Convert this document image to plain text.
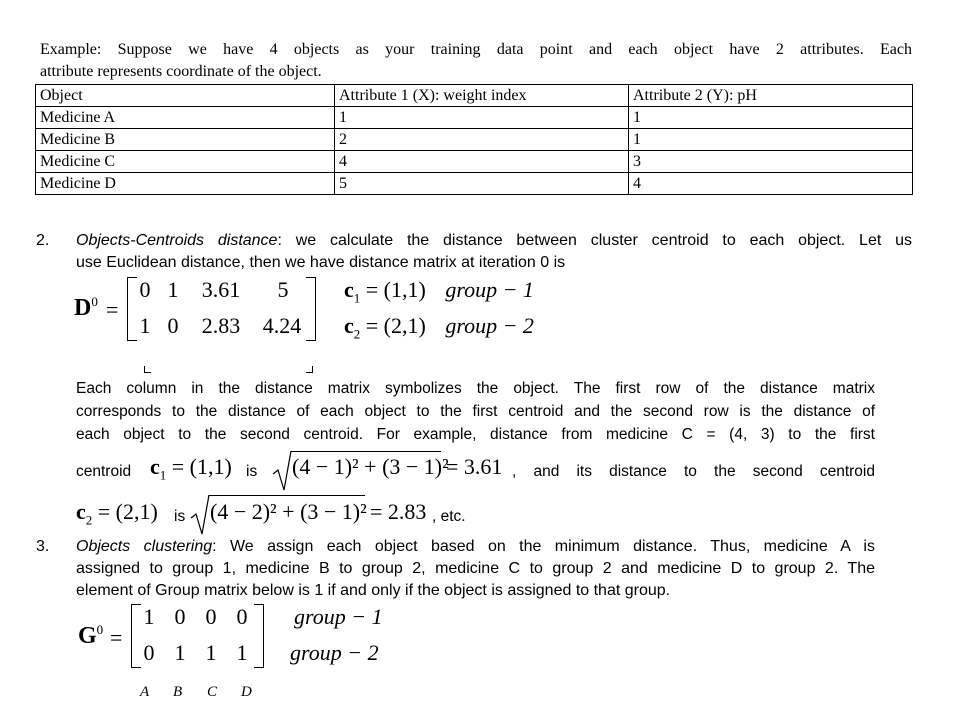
Example: Suppose we have 4 objects as your training data point and each object have 2 attributes. Each
attribute represents coordinate of the object.
Object	Attribute 1 (X): weight index	Attribute 2 (Y): pH
Medicine A	1	1
Medicine B	2	1
Medicine C	4	3
Medicine D	5	4
2. Objects-Centroids distance: we calculate the distance between cluster centroid to each object. Let us
use Euclidean distance, then we have distance matrix at iteration 0 is
$D^0$ =
0 1	3.61	5
1 0	2.83	4.24
$c_1 = (1,1)$ group − 1
$c_2 = (2,1)$ group − 2
Each column in the distance matrix symbolizes the object. The first row of the distance matrix
corresponds to the distance of each object to the first centroid and the second row is the distance of
each object to the second centroid. For example, distance from medicine C = (4, 3) to the first
centroid $c_1 = (1,1)$ is (4 − 1)² + (3 − 1)²
= 3.61 , and its distance to the second centroid
$c_2 = (2,1)$ is (4 − 2)² + (3 − 1)² = 2.83 , etc.
3. Objects clustering: We assign each object based on the minimum distance. Thus, medicine A is
assigned to group 1, medicine B to group 2, medicine C to group 2 and medicine D to group 2. The
element of Group matrix below is 1 if and only if the object is assigned to that group.
$G^0$ =
1 0 0 0
0 1 1 1
group − 1
group − 2
A B C D
